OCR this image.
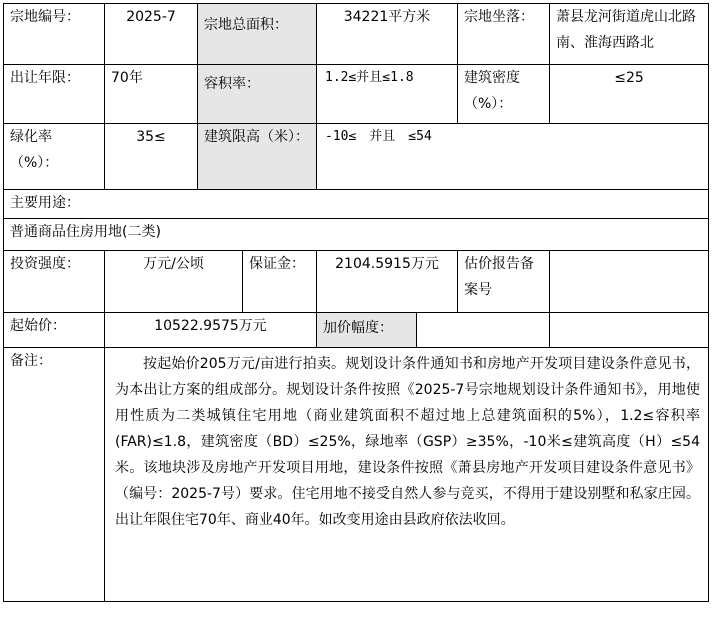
宗地编号：	2025-7	宗地总面积：		34221平方米	宗地坐落：	萧县龙河街道虎山北路南、淮海西路北
出让年限：	70年	容积率：		1.2≤并且≤1.8	建筑密度（%）：	≤25
绿化率（%）：	35≤	建筑限高（米）：		-10≤　并且　≤54		
主要用途：						
普通商品住房用地(二类)						
投资强度：	万元/公顷		保证金：	2104.5915万元	估价报告备案号	
起始价：	10522.9575万元			加价幅度：		

备注：	按起始价205万元/亩进行拍卖。规划设计条件通知书和房地产开发项目建设条件意见书，为本出让方案的组成部分。规划设计条件按照《2025-7号宗地规划设计条件通知书》，用地使用性质为二类城镇住宅用地（商业建筑面积不超过地上总建筑面积的5%），1.2≤容积率(FAR)≤1.8，建筑密度（BD）≤25%，绿地率（GSP）≥35%，-10米≤建筑高度（H）≤54米。该地块涉及房地产开发项目用地，建设条件按照《萧县房地产开发项目建设条件意见书》（编号：2025-7号）要求。住宅用地不接受自然人参与竞买，不得用于建设别墅和私家庄园。出让年限住宅70年、商业40年。如改变用途由县政府依法收回。					
